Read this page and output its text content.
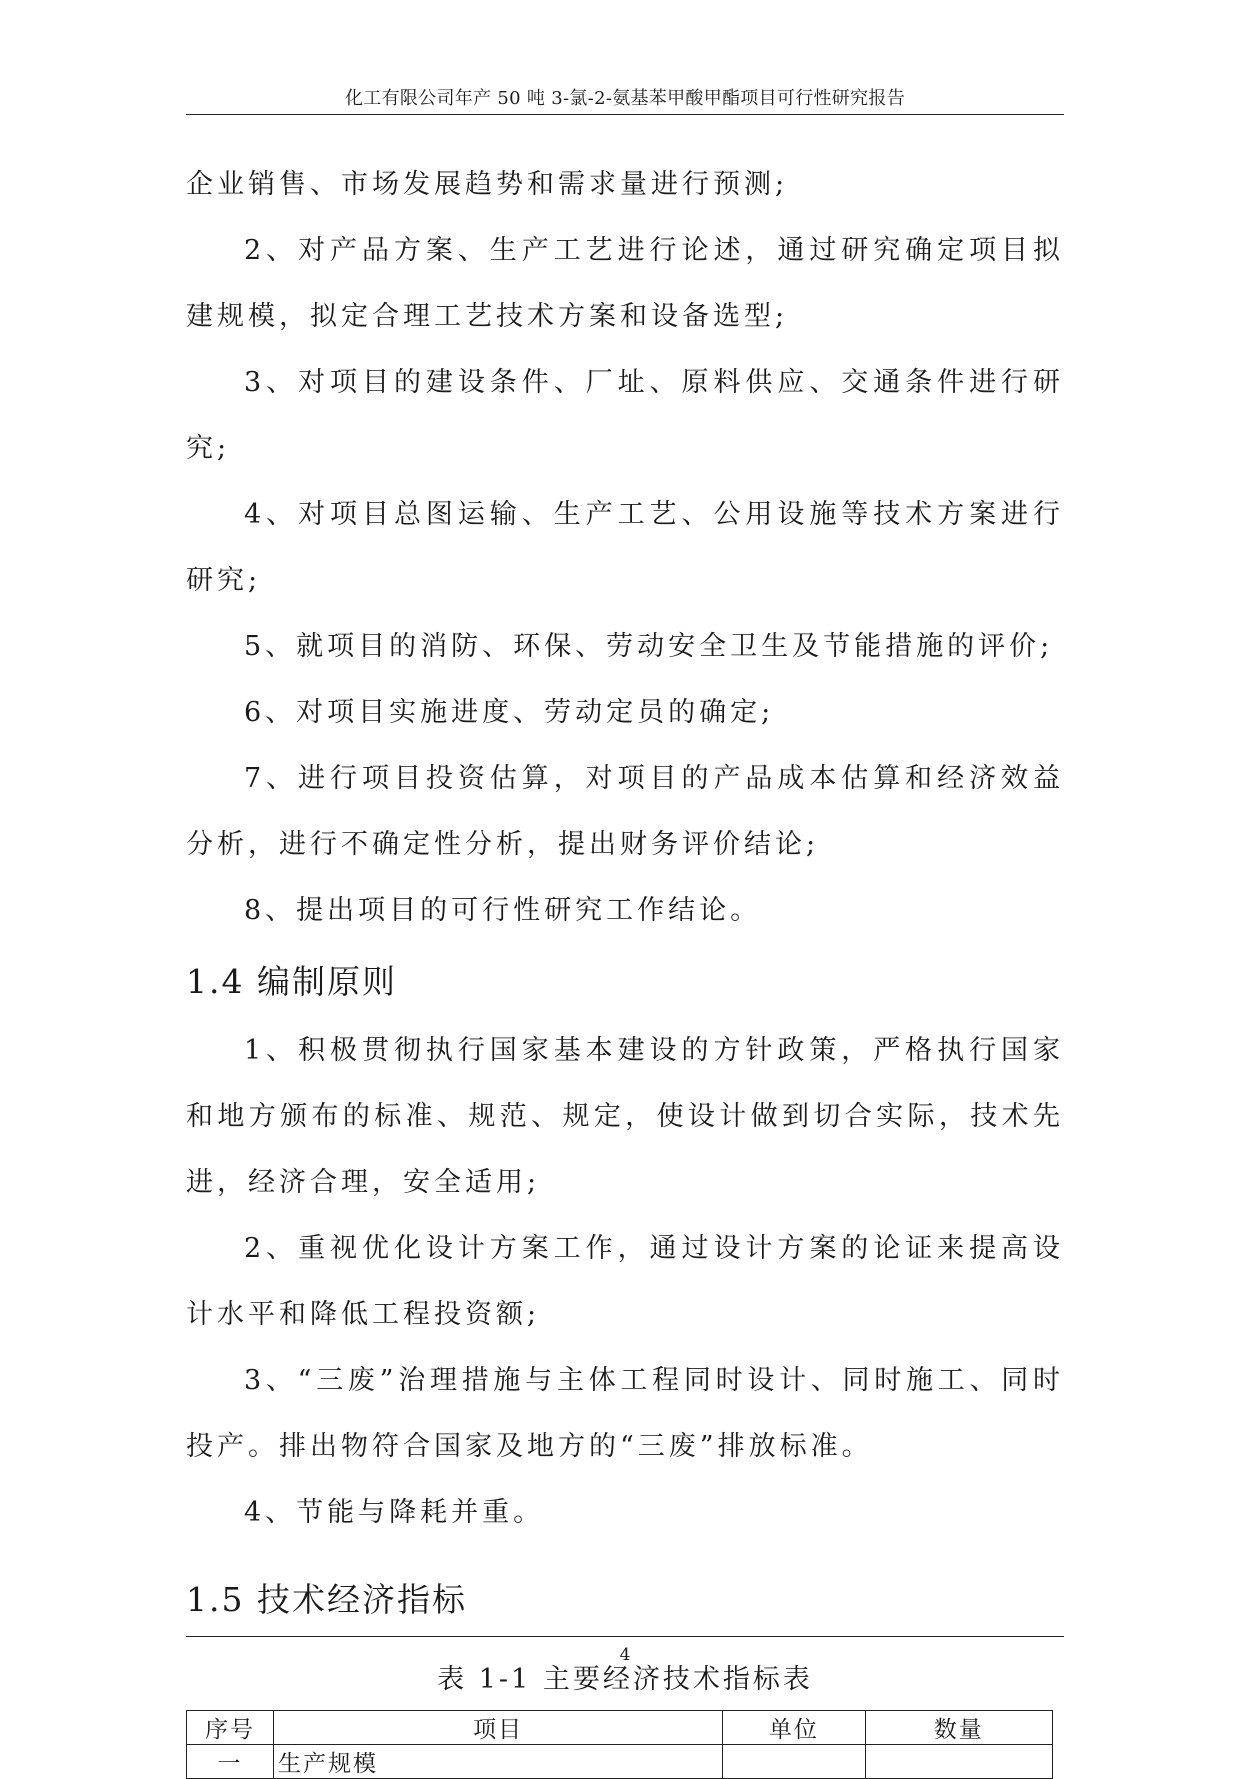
化工有限公司年产 50 吨 3-氯-2-氨基苯甲酸甲酯项目可行性研究报告

企业销售、市场发展趋势和需求量进行预测;

2、对产品方案、生产工艺进行论述，通过研究确定项目拟建规模，拟定合理工艺技术方案和设备选型;

3、对项目的建设条件、厂址、原料供应、交通条件进行研究;

4、对项目总图运输、生产工艺、公用设施等技术方案进行研究;

5、就项目的消防、环保、劳动安全卫生及节能措施的评价;

6、对项目实施进度、劳动定员的确定;

7、进行项目投资估算，对项目的产品成本估算和经济效益分析，进行不确定性分析，提出财务评价结论;

8、提出项目的可行性研究工作结论。

1.4 编制原则

1、积极贯彻执行国家基本建设的方针政策，严格执行国家和地方颁布的标准、规范、规定，使设计做到切合实际，技术先进，经济合理，安全适用;

2、重视优化设计方案工作，通过设计方案的论证来提高设计水平和降低工程投资额;

3、“三废”治理措施与主体工程同时设计、同时施工、同时投产。排出物符合国家及地方的“三废”排放标准。

4、节能与降耗并重。

1.5 技术经济指标

表 1-1 主要经济技术指标表

序号	项目	单位	数量
一	生产规模		
4
